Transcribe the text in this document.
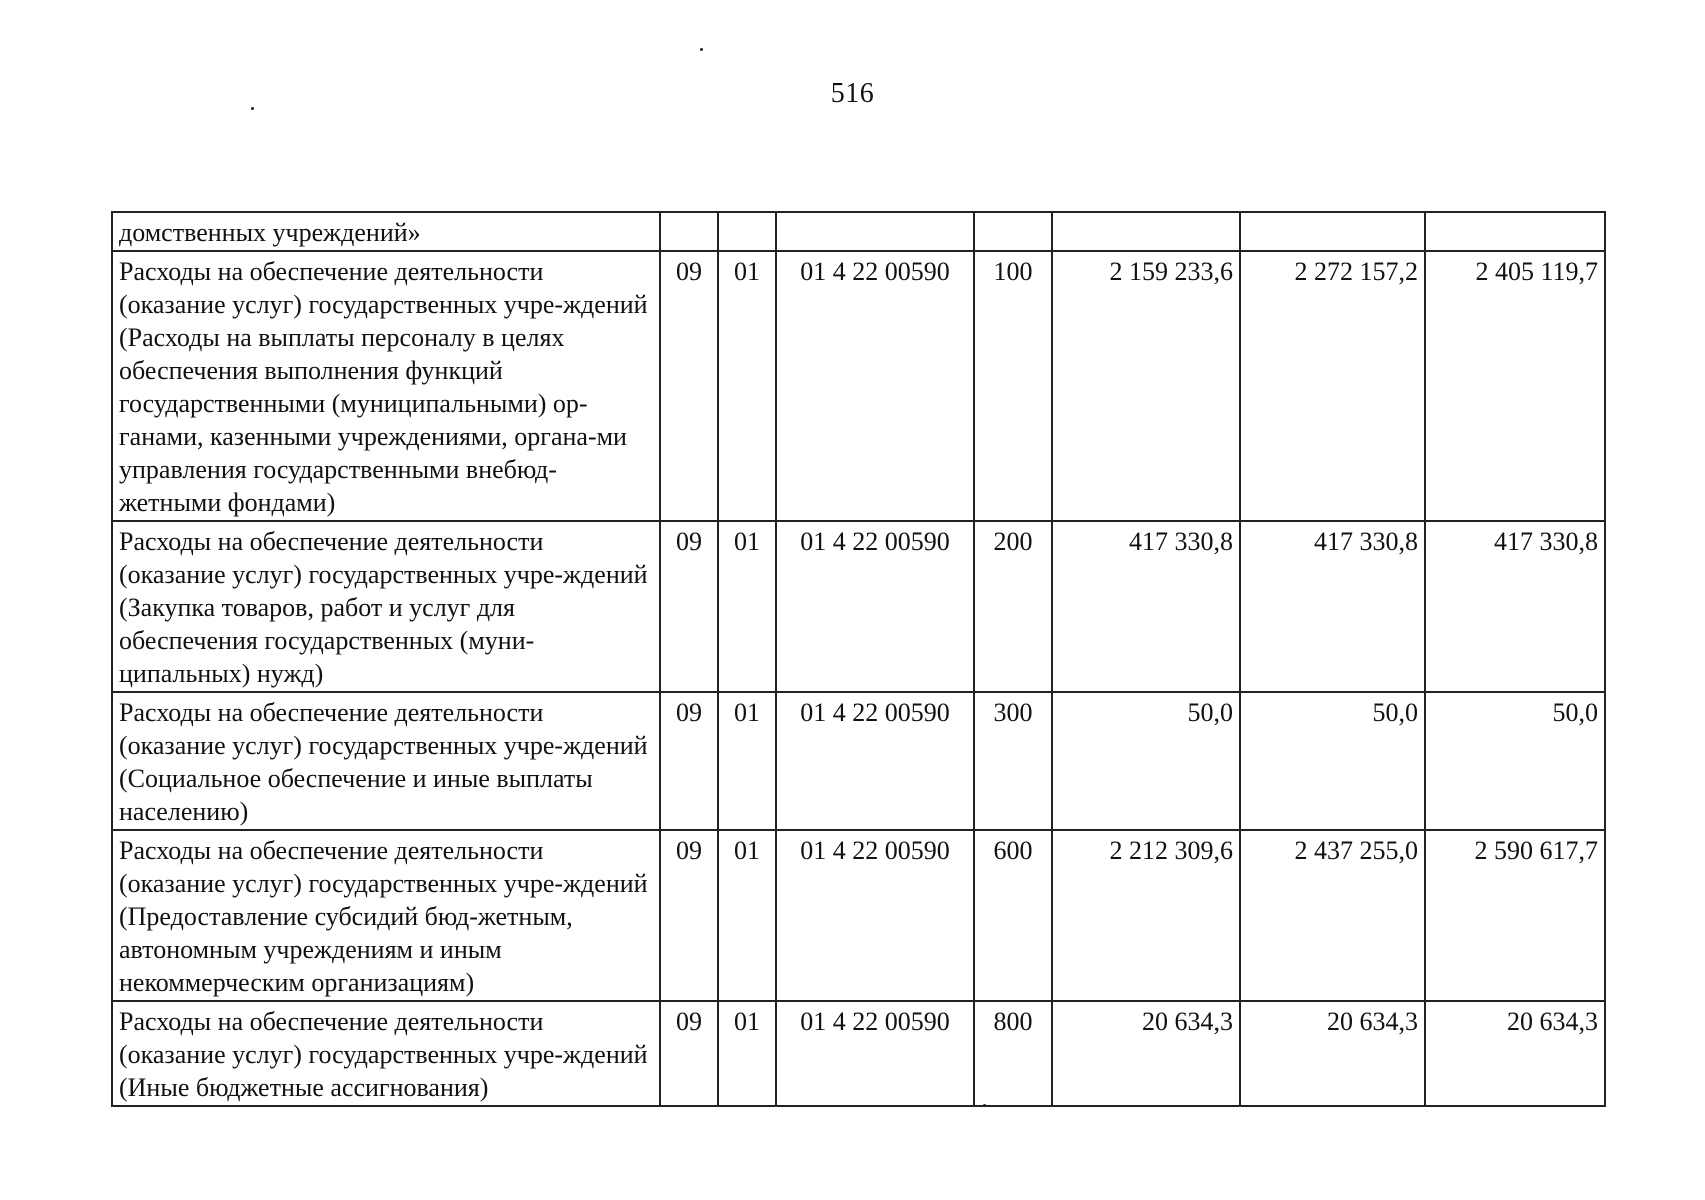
516
домственных учреждений»							
Расходы на обеспечение деятельности (оказание услуг) государственных учре-ждений (Расходы на выплаты персоналу в целях обеспечения выполнения функций государственными (муниципальными) ор-ганами, казенными учреждениями, органа-ми управления государственными внебюд-жетными фондами)	09	01	01 4 22 00590	100	2 159 233,6	2 272 157,2	2 405 119,7
Расходы на обеспечение деятельности (оказание услуг) государственных учре-ждений (Закупка товаров, работ и услуг для обеспечения государственных (муни-ципальных) нужд)	09	01	01 4 22 00590	200	417 330,8	417 330,8	417 330,8
Расходы на обеспечение деятельности (оказание услуг) государственных учре-ждений (Социальное обеспечение и иные выплаты населению)	09	01	01 4 22 00590	300	50,0	50,0	50,0
Расходы на обеспечение деятельности (оказание услуг) государственных учре-ждений (Предоставление субсидий бюд-жетным, автономным учреждениям и иным некоммерческим организациям)	09	01	01 4 22 00590	600	2 212 309,6	2 437 255,0	2 590 617,7
Расходы на обеспечение деятельности (оказание услуг) государственных учре-ждений (Иные бюджетные ассигнования)	09	01	01 4 22 00590	800	20 634,3	20 634,3	20 634,3
